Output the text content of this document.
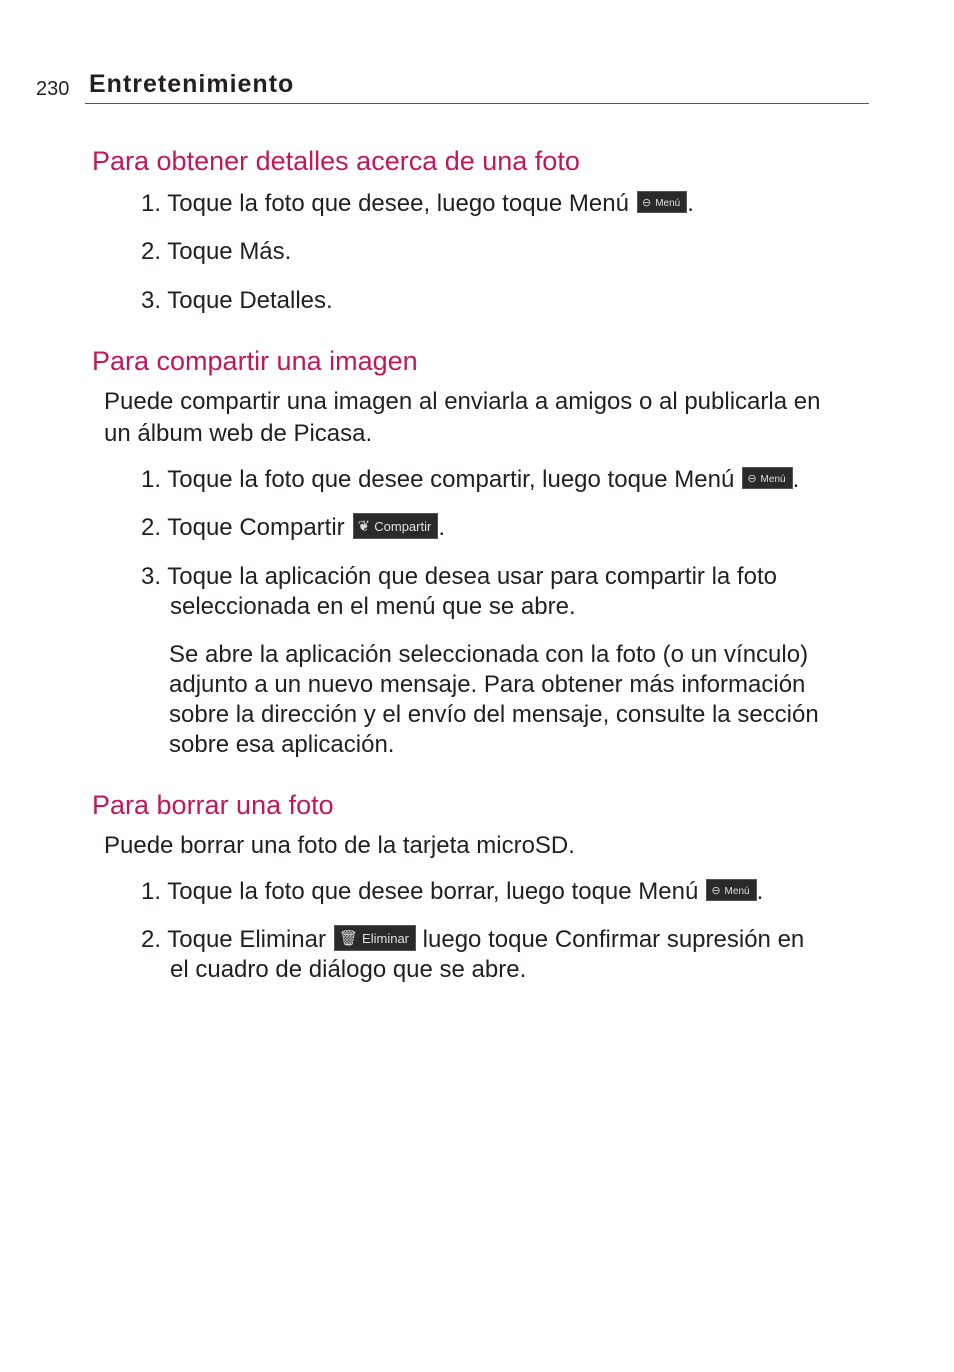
230 Entretenimiento
Para obtener detalles acerca de una foto
1. Toque la foto que desee, luego toque Menú ⊖ Menú .
2. Toque Más.
3. Toque Detalles.
Para compartir una imagen
Puede compartir una imagen al enviarla a amigos o al publicarla en
un álbum web de Picasa.
1. Toque la foto que desee compartir, luego toque Menú ⊖ Menú .
2. Toque Compartir ❦ Compartir .
3. Toque la aplicación que desea usar para compartir la foto
seleccionada en el menú que se abre.
Se abre la aplicación seleccionada con la foto (o un vínculo)
adjunto a un nuevo mensaje. Para obtener más información
sobre la dirección y el envío del mensaje, consulte la sección
sobre esa aplicación.
Para borrar una foto
Puede borrar una foto de la tarjeta microSD.
1. Toque la foto que desee borrar, luego toque Menú ⊖ Menú .
2. Toque Eliminar 🗑 Eliminar luego toque Confirmar supresión en
el cuadro de diálogo que se abre.
